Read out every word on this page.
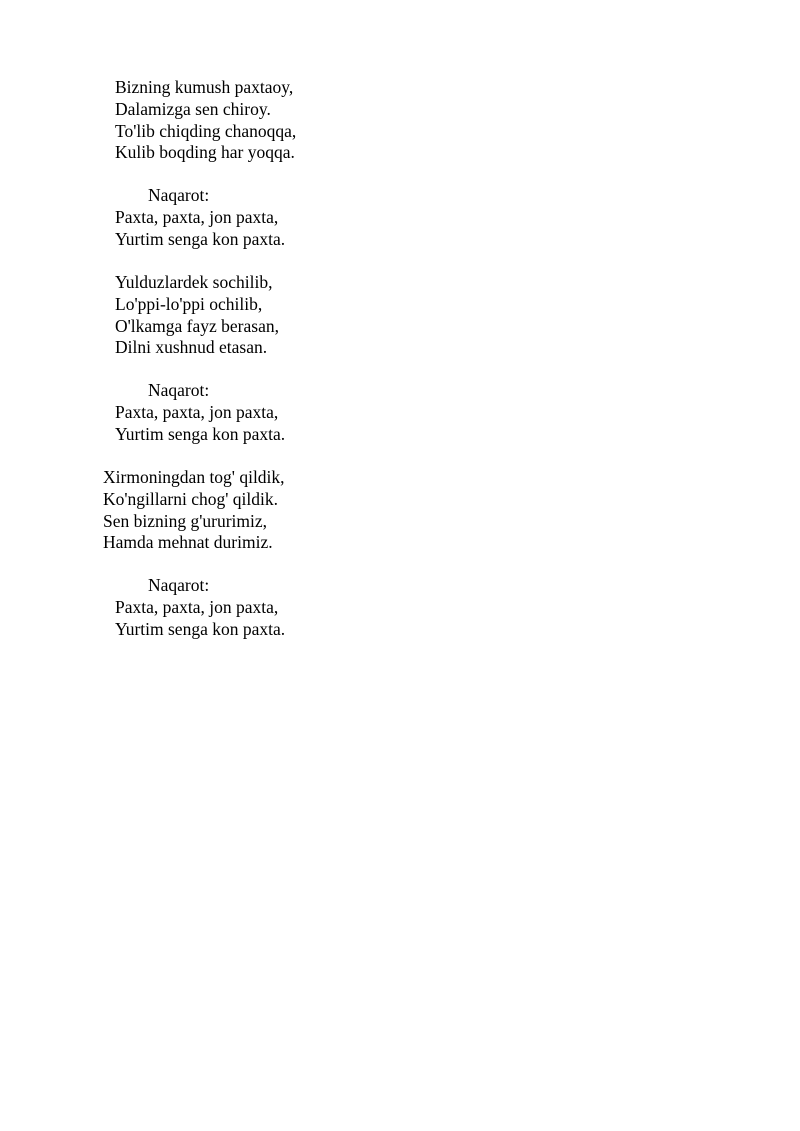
Bizning kumush paxtaoy,
Dalamizga sen chiroy.
To'lib chiqding chanoqqa,
Kulib boqding har yoqqa.
Naqarot:
Paxta, paxta, jon paxta,
Yurtim senga kon paxta.
Yulduzlardek sochilib,
Lo'ppi-lo'ppi ochilib,
O'lkamga fayz berasan,
Dilni xushnud etasan.
Naqarot:
Paxta, paxta, jon paxta,
Yurtim senga kon paxta.
Xirmoningdan tog' qildik,
Ko'ngillarni chog' qildik.
Sen bizning g'ururimiz,
Hamda mehnat durimiz.
Naqarot:
Paxta, paxta, jon paxta,
Yurtim senga kon paxta.
